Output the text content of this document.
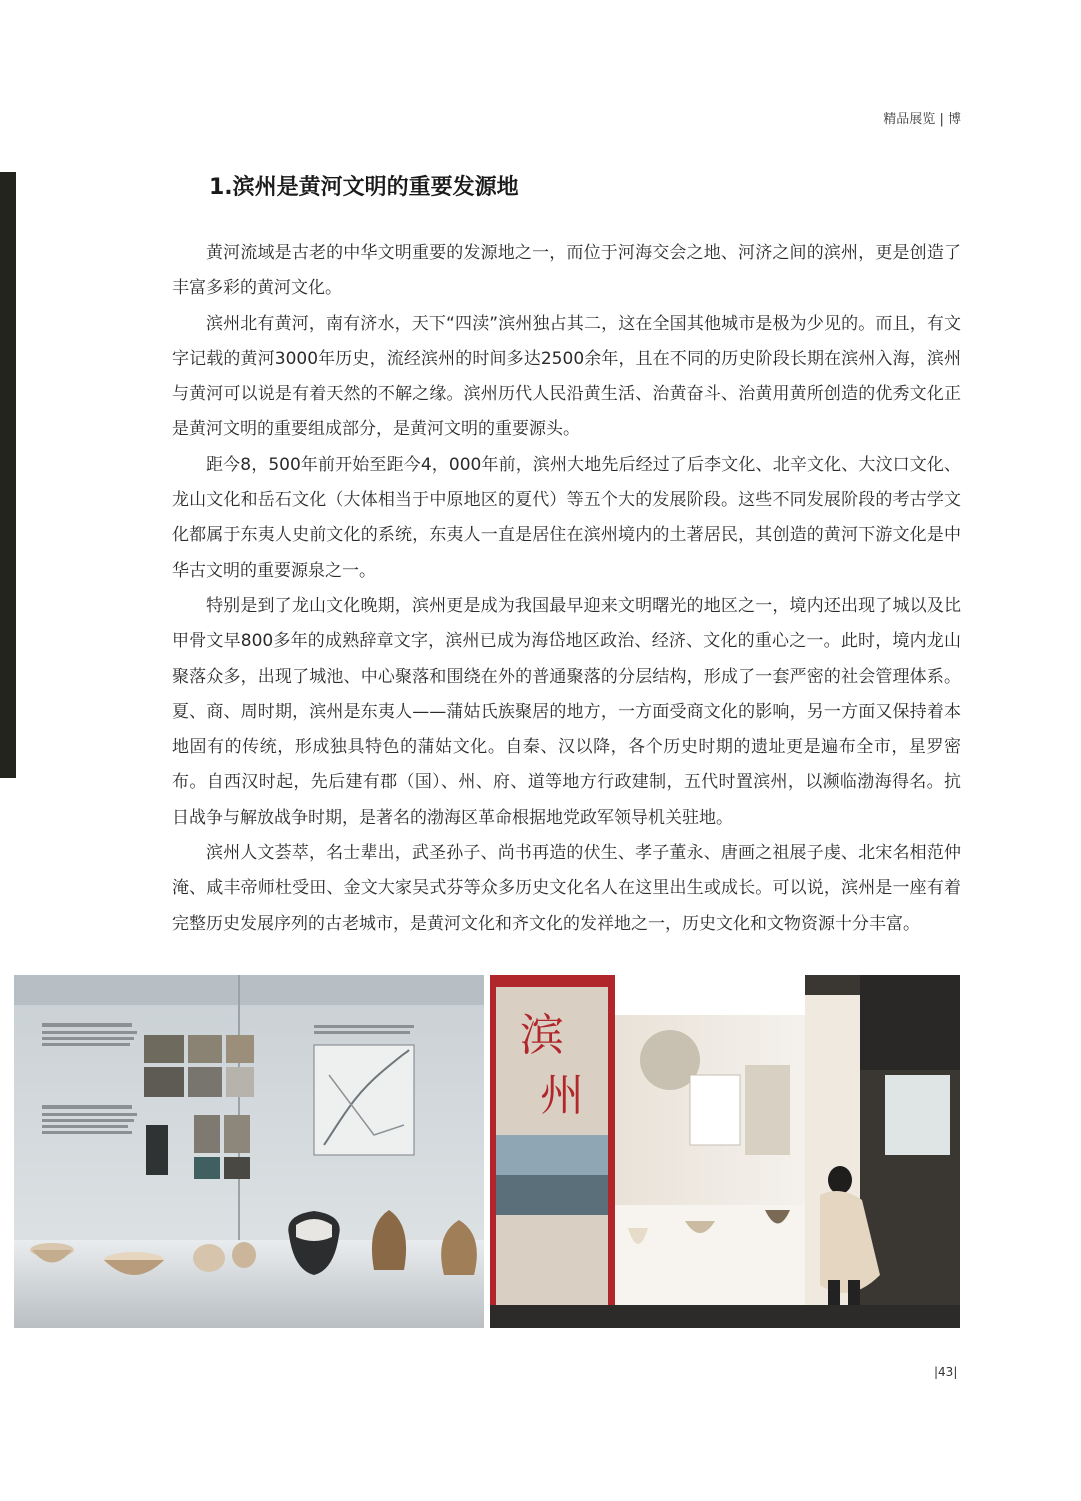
精品展览 | 博
1.滨州是黄河文明的重要发源地

黄河流域是古老的中华文明重要的发源地之一，而位于河海交会之地、河济之间的滨州，更是创造了丰富多彩的黄河文化。

滨州北有黄河，南有济水，天下“四渎”滨州独占其二，这在全国其他城市是极为少见的。而且，有文字记载的黄河3000年历史，流经滨州的时间多达2500余年，且在不同的历史阶段长期在滨州入海，滨州与黄河可以说是有着天然的不解之缘。滨州历代人民沿黄生活、治黄奋斗、治黄用黄所创造的优秀文化正是黄河文明的重要组成部分，是黄河文明的重要源头。

距今8，500年前开始至距今4，000年前，滨州大地先后经过了后李文化、北辛文化、大汶口文化、龙山文化和岳石文化（大体相当于中原地区的夏代）等五个大的发展阶段。这些不同发展阶段的考古学文化都属于东夷人史前文化的系统，东夷人一直是居住在滨州境内的土著居民，其创造的黄河下游文化是中华古文明的重要源泉之一。

特别是到了龙山文化晚期，滨州更是成为我国最早迎来文明曙光的地区之一，境内还出现了城以及比甲骨文早800多年的成熟辞章文字，滨州已成为海岱地区政治、经济、文化的重心之一。此时，境内龙山聚落众多，出现了城池、中心聚落和围绕在外的普通聚落的分层结构，形成了一套严密的社会管理体系。夏、商、周时期，滨州是东夷人——蒲姑氏族聚居的地方，一方面受商文化的影响，另一方面又保持着本地固有的传统，形成独具特色的蒲姑文化。自秦、汉以降，各个历史时期的遗址更是遍布全市，星罗密布。自西汉时起，先后建有郡（国）、州、府、道等地方行政建制，五代时置滨州，以濒临渤海得名。抗日战争与解放战争时期，是著名的渤海区革命根据地党政军领导机关驻地。

滨州人文荟萃，名士辈出，武圣孙子、尚书再造的伏生、孝子董永、唐画之祖展子虔、北宋名相范仲淹、咸丰帝师杜受田、金文大家吴式芬等众多历史文化名人在这里出生或成长。可以说，滨州是一座有着完整历史发展序列的古老城市，是黄河文化和齐文化的发祥地之一，历史文化和文物资源十分丰富。

滨
州
|43|
